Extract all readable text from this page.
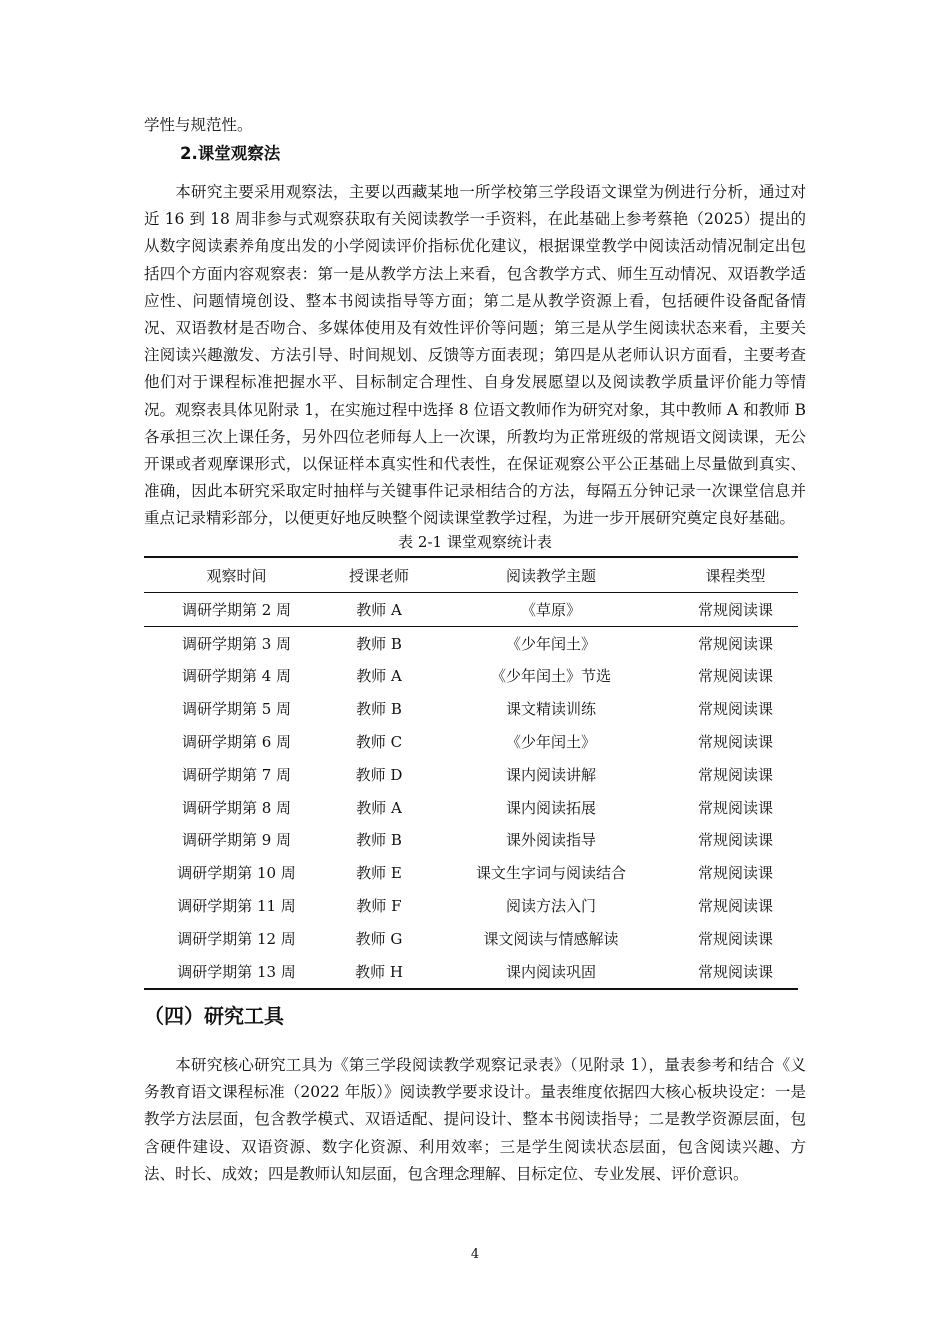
学性与规范性。

2.课堂观察法

本研究主要采用观察法，主要以西藏某地一所学校第三学段语文课堂为例进行分析，通过对近 16 到 18 周非参与式观察获取有关阅读教学一手资料，在此基础上参考蔡艳（2025）提出的从数字阅读素养角度出发的小学阅读评价指标优化建议，根据课堂教学中阅读活动情况制定出包括四个方面内容观察表：第一是从教学方法上来看，包含教学方式、师生互动情况、双语教学适应性、问题情境创设、整本书阅读指导等方面；第二是从教学资源上看，包括硬件设备配备情况、双语教材是否吻合、多媒体使用及有效性评价等问题；第三是从学生阅读状态来看，主要关注阅读兴趣激发、方法引导、时间规划、反馈等方面表现；第四是从老师认识方面看，主要考查他们对于课程标准把握水平、目标制定合理性、自身发展愿望以及阅读教学质量评价能力等情况。观察表具体见附录 1，在实施过程中选择 8 位语文教师作为研究对象，其中教师 A 和教师 B 各承担三次上课任务，另外四位老师每人上一次课，所教均为正常班级的常规语文阅读课，无公开课或者观摩课形式，以保证样本真实性和代表性，在保证观察公平公正基础上尽量做到真实、准确，因此本研究采取定时抽样与关键事件记录相结合的方法，每隔五分钟记录一次课堂信息并重点记录精彩部分，以便更好地反映整个阅读课堂教学过程，为进一步开展研究奠定良好基础。

表 2-1 课堂观察统计表

观察时间	授课老师	阅读教学主题	课程类型
调研学期第 2 周	教师 A	《草原》	常规阅读课
调研学期第 3 周	教师 B	《少年闰土》	常规阅读课
调研学期第 4 周	教师 A	《少年闰土》节选	常规阅读课
调研学期第 5 周	教师 B	课文精读训练	常规阅读课
调研学期第 6 周	教师 C	《少年闰土》	常规阅读课
调研学期第 7 周	教师 D	课内阅读讲解	常规阅读课
调研学期第 8 周	教师 A	课内阅读拓展	常规阅读课
调研学期第 9 周	教师 B	课外阅读指导	常规阅读课
调研学期第 10 周	教师 E	课文生字词与阅读结合	常规阅读课
调研学期第 11 周	教师 F	阅读方法入门	常规阅读课
调研学期第 12 周	教师 G	课文阅读与情感解读	常规阅读课
调研学期第 13 周	教师 H	课内阅读巩固	常规阅读课
（四）研究工具

本研究核心研究工具为《第三学段阅读教学观察记录表》（见附录 1），量表参考和结合《义务教育语文课程标准（2022 年版）》阅读教学要求设计。量表维度依据四大核心板块设定：一是教学方法层面，包含教学模式、双语适配、提问设计、整本书阅读指导；二是教学资源层面，包含硬件建设、双语资源、数字化资源、利用效率；三是学生阅读状态层面，包含阅读兴趣、方法、时长、成效；四是教师认知层面，包含理念理解、目标定位、专业发展、评价意识。

4
